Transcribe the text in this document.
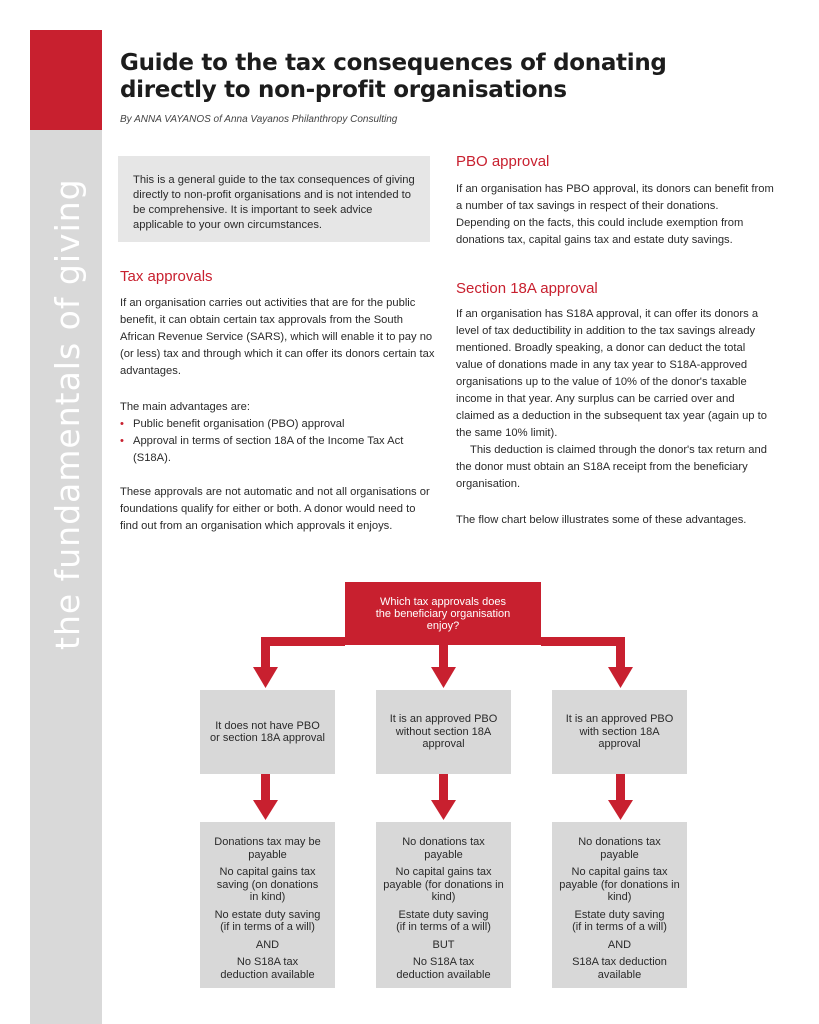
the fundamentals of giving
Guide to the tax consequences of donating directly to non-profit organisations
By ANNA VAYANOS of Anna Vayanos Philanthropy Consulting
This is a general guide to the tax consequences of giving directly to non-profit organisations and is not intended to be comprehensive. It is important to seek advice applicable to your own circumstances.
Tax approvals

If an organisation carries out activities that are for the public benefit, it can obtain certain tax approvals from the South African Revenue Service (SARS), which will enable it to pay no (or less) tax and through which it can offer its donors certain tax advantages.

The main advantages are:

• Public benefit organisation (PBO) approval
• Approval in terms of section 18A of the Income Tax Act (S18A).

These approvals are not automatic and not all organisations or foundations qualify for either or both. A donor would need to find out from an organisation which approvals it enjoys.

PBO approval

If an organisation has PBO approval, its donors can benefit from a number of tax savings in respect of their donations. Depending on the facts, this could include exemption from donations tax, capital gains tax and estate duty savings.

Section 18A approval

If an organisation has S18A approval, it can offer its donors a level of tax deductibility in addition to the tax savings already mentioned. Broadly speaking, a donor can deduct the total value of donations made in any tax year to S18A-approved organisations up to the value of 10% of the donor's taxable income in that year. Any surplus can be carried over and claimed as a deduction in the subsequent tax year (again up to the same 10% limit).

This deduction is claimed through the donor's tax return and the donor must obtain an S18A receipt from the beneficiary organisation.

The flow chart below illustrates some of these advantages.

Which tax approvals does the beneficiary organisation enjoy?
It does not have PBO or section 18A approval
It is an approved PBO without section 18A approval
It is an approved PBO with section 18A approval
Donations tax may be payable
No capital gains tax saving (on donations in kind)
No estate duty saving (if in terms of a will)
AND
No S18A tax deduction available
No donations tax payable
No capital gains tax payable (for donations in kind)
Estate duty saving (if in terms of a will)
BUT
No S18A tax deduction available
No donations tax payable
No capital gains tax payable (for donations in kind)
Estate duty saving (if in terms of a will)
AND
S18A tax deduction available
